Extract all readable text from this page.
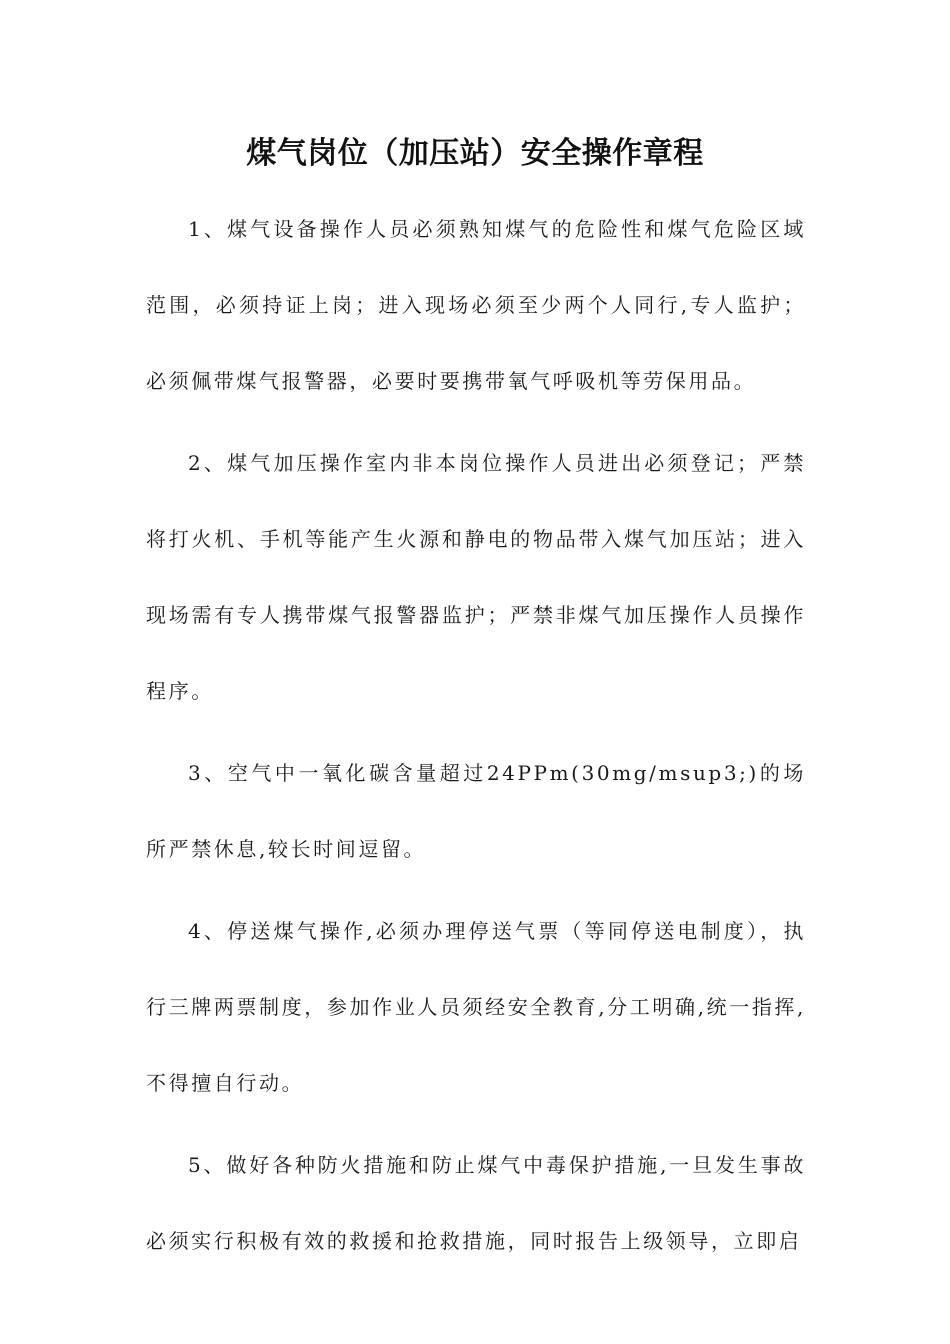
煤气岗位（加压站）安全操作章程

1、煤气设备操作人员必须熟知煤气的危险性和煤气危险区域范围，必须持证上岗；进入现场必须至少两个人同行,专人监护；必须佩带煤气报警器，必要时要携带氧气呼吸机等劳保用品。

2、煤气加压操作室内非本岗位操作人员进出必须登记；严禁将打火机、手机等能产生火源和静电的物品带入煤气加压站；进入现场需有专人携带煤气报警器监护；严禁非煤气加压操作人员操作程序。

3、空气中一氧化碳含量超过24PPm(30mg/msup3;)的场所严禁休息,较长时间逗留。

4、停送煤气操作,必须办理停送气票（等同停送电制度），执行三牌两票制度，参加作业人员须经安全教育,分工明确,统一指挥,不得擅自行动。

5、做好各种防火措施和防止煤气中毒保护措施,一旦发生事故必须实行积极有效的救援和抢救措施，同时报告上级领导，立即启
